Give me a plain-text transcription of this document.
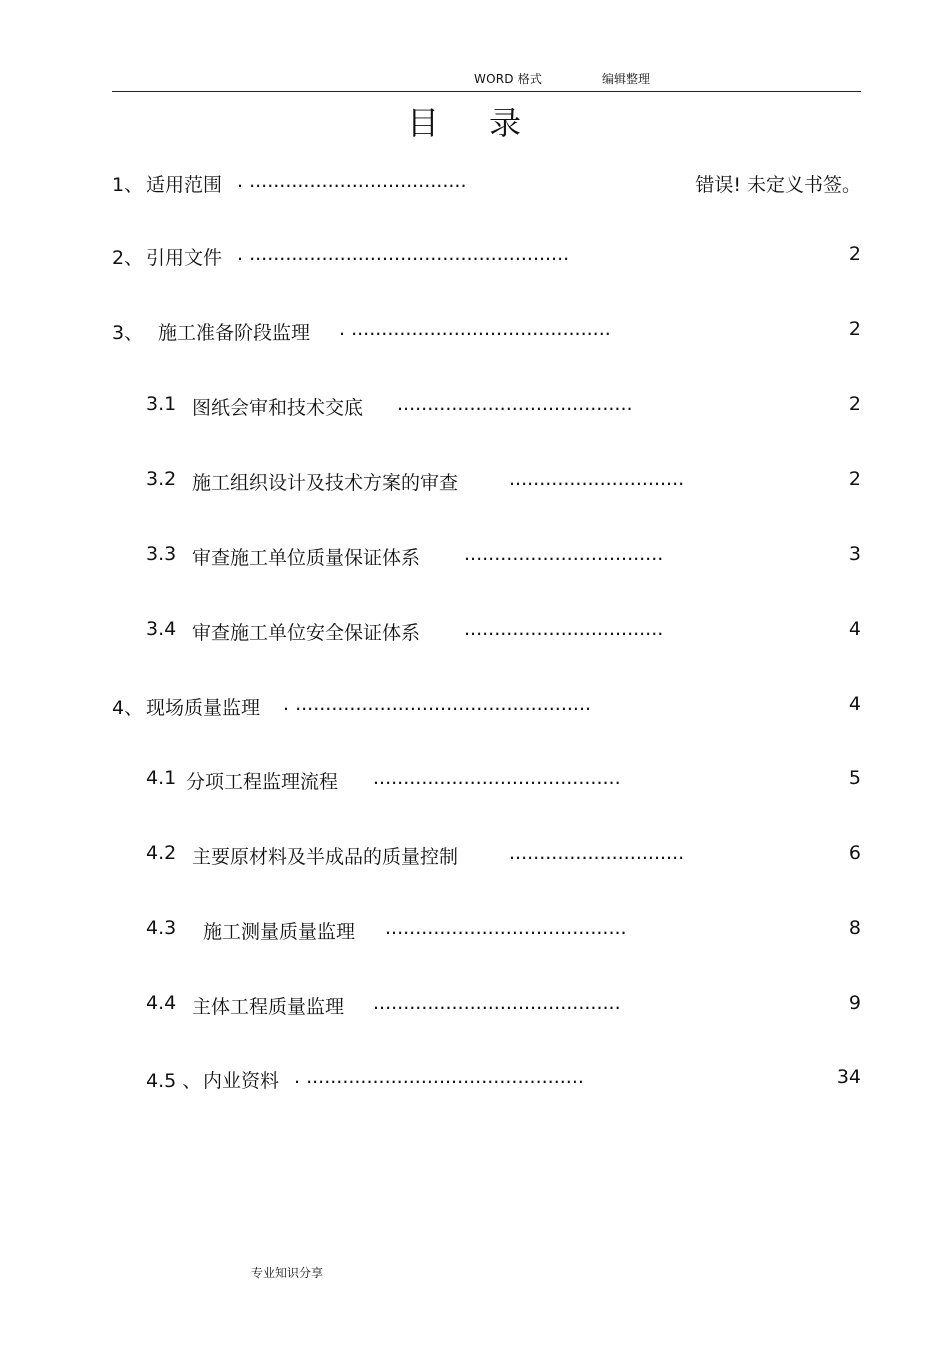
WORD 格式	编辑整理
目录
1、 适用范围 . ....................................	错误! 未定义书签。
2、 引用文件 . .....................................................	2
3、 施工准备阶段监理 . ...........................................	2
3.1 图纸会审和技术交底 .......................................	2
3.2 施工组织设计及技术方案的审查	.............................	2
3.3 审查施工单位质量保证体系 .................................	3
3.4 审查施工单位安全保证体系 .................................	4
4、 现场质量监理 . .................................................	4
4.1 分项工程监理流程 .........................................	5
4.2 主要原材料及半成品的质量控制	.............................	6
4.3 施工测量质量监理 ........................................	8
4.4 主体工程质量监理 .........................................	9
4.5 、 内业资料 . ..............................................	34
专业知识分享
